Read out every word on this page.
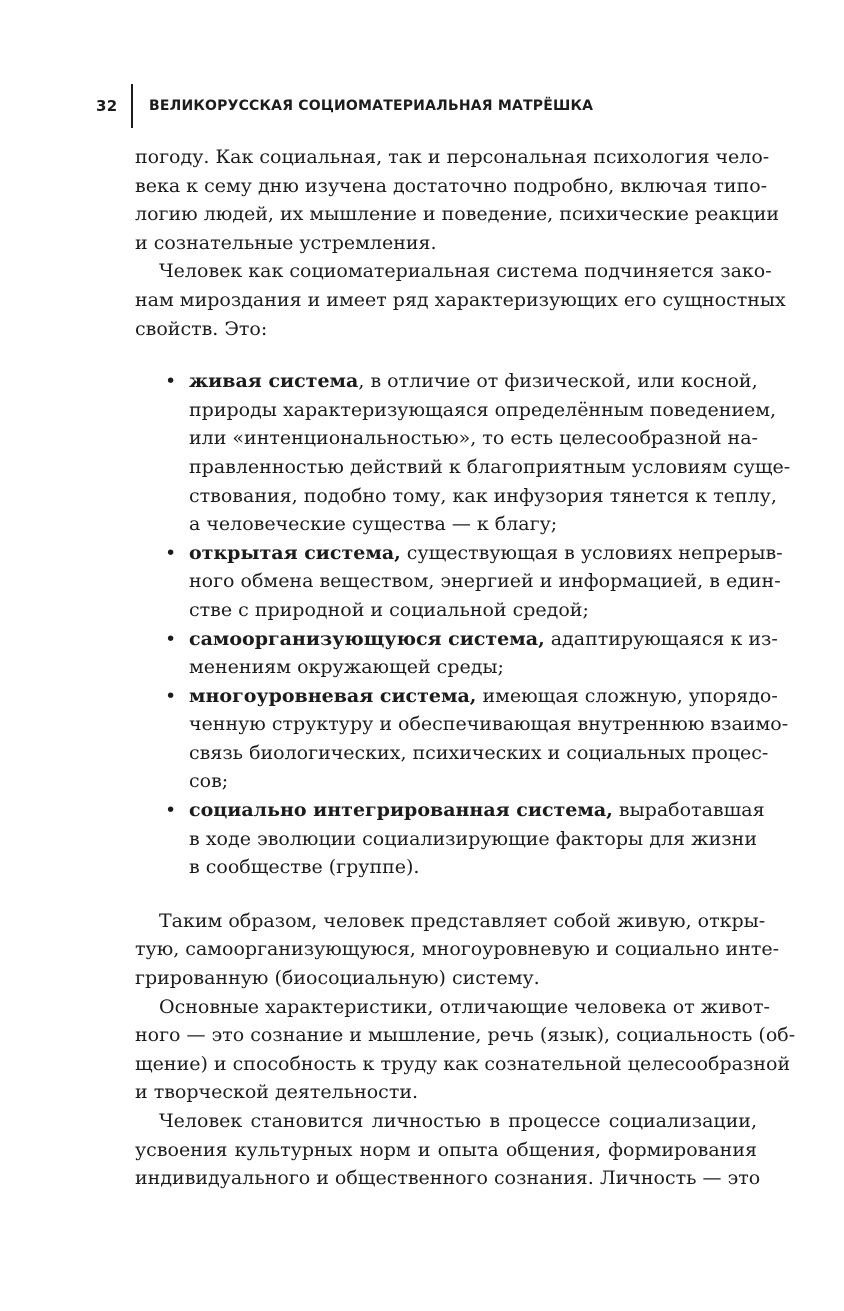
32 ВЕЛИКОРУССКАЯ СОЦИОМАТЕРИАЛЬНАЯ МАТРЁШКА

погоду. Как социальная, так и персональная психология чело-
века к сему дню изучена достаточно подробно, включая типо-
логию людей, их мышление и поведение, психические реакции
и сознательные устремления.

Человек как социоматериальная система подчиняется зако-
нам мироздания и имеет ряд характеризующих его сущностных
свойств. Это:

• живая система, в отличие от физической, или косной,
природы характеризующаяся определённым поведением,
или «интенциональностью», то есть целесообразной на-
правленностью действий к благоприятным условиям суще-
ствования, подобно тому, как инфузория тянется к теплу,
а человеческие существа — к благу;
• открытая система, существующая в условиях непрерыв-
ного обмена веществом, энергией и информацией, в един-
стве с природной и социальной средой;
• самоорганизующуюся система, адаптирующаяся к из-
менениям окружающей среды;
• многоуровневая система, имеющая сложную, упорядо-
ченную структуру и обеспечивающая внутреннюю взаимо-
связь биологических, психических и социальных процес-
сов;
• социально интегрированная система, выработавшая
в ходе эволюции социализирующие факторы для жизни
в сообществе (группе).

Таким образом, человек представляет собой живую, откры-
тую, самоорганизующуюся, многоуровневую и социально инте-
грированную (биосоциальную) систему.

Основные характеристики, отличающие человека от живот-
ного — это сознание и мышление, речь (язык), социальность (об-
щение) и способность к труду как сознательной целесообразной
и творческой деятельности.

Человек становится личностью в процессе социализации,
усвоения культурных норм и опыта общения, формирования
индивидуального и общественного сознания. Личность — это
